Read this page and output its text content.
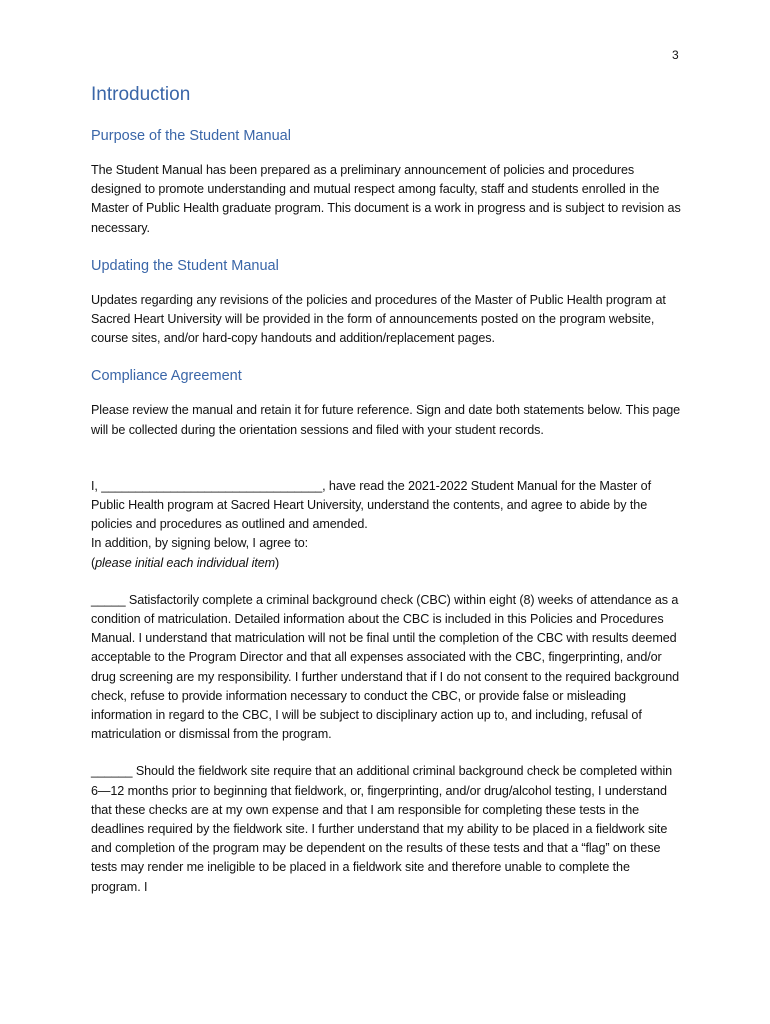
3
Introduction
Purpose of the Student Manual

The Student Manual has been prepared as a preliminary announcement of policies and procedures designed to promote understanding and mutual respect among faculty, staff and students enrolled in the Master of Public Health graduate program. This document is a work in progress and is subject to revision as necessary.

Updating the Student Manual

Updates regarding any revisions of the policies and procedures of the Master of Public Health program at Sacred Heart University will be provided in the form of announcements posted on the program website, course sites, and/or hard-copy handouts and addition/replacement pages.

Compliance Agreement

Please review the manual and retain it for future reference. Sign and date both statements below. This page will be collected during the orientation sessions and filed with your student records.

I, ________________________________, have read the 2021-2022 Student Manual for the Master of Public Health program at Sacred Heart University, understand the contents, and agree to abide by the policies and procedures as outlined and amended.

In addition, by signing below, I agree to:

(please initial each individual item)

_____ Satisfactorily complete a criminal background check (CBC) within eight (8) weeks of attendance as a condition of matriculation. Detailed information about the CBC is included in this Policies and Procedures Manual. I understand that matriculation will not be final until the completion of the CBC with results deemed acceptable to the Program Director and that all expenses associated with the CBC, fingerprinting, and/or drug screening are my responsibility. I further understand that if I do not consent to the required background check, refuse to provide information necessary to conduct the CBC, or provide false or misleading information in regard to the CBC, I will be subject to disciplinary action up to, and including, refusal of matriculation or dismissal from the program.

______ Should the fieldwork site require that an additional criminal background check be completed within 6—12 months prior to beginning that fieldwork, or, fingerprinting, and/or drug/alcohol testing, I understand that these checks are at my own expense and that I am responsible for completing these tests in the deadlines required by the fieldwork site. I further understand that my ability to be placed in a fieldwork site and completion of the program may be dependent on the results of these tests and that a “flag” on these tests may render me ineligible to be placed in a fieldwork site and therefore unable to complete the program. I
